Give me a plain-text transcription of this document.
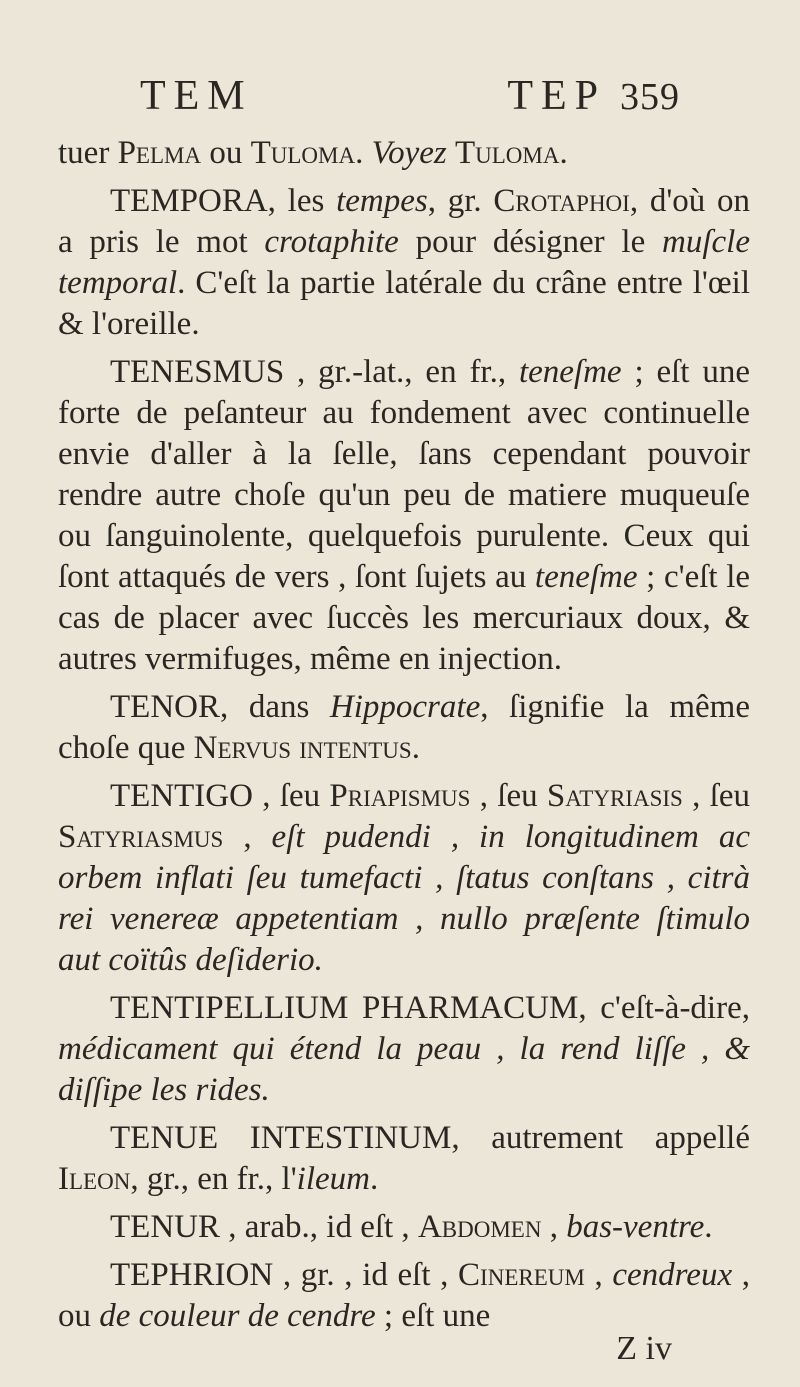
TEM	TEP 359

tuer Pelma ou Tuloma. Voyez Tuloma.

TEMPORA, les tempes, gr. Crotaphoi, d'où on a pris le mot crotaphite pour désigner le muſcle temporal. C'eſt la partie latérale du crâne entre l'œil & l'oreille.

TENESMUS , gr.-lat., en fr., teneſme ; eſt une forte de peſanteur au fondement avec continuelle envie d'aller à la ſelle, ſans cependant pouvoir rendre autre choſe qu'un peu de matiere muqueuſe ou ſanguinolente, quelquefois purulente. Ceux qui ſont attaqués de vers , ſont ſujets au teneſme ; c'eſt le cas de placer avec ſuccès les mercuriaux doux, & autres vermifuges, même en injection.

TENOR, dans Hippocrate, ſignifie la même choſe que Nervus intentus.

TENTIGO , ſeu Priapismus , ſeu Satyriasis , ſeu Satyriasmus , eſt pudendi , in longitudinem ac orbem inflati ſeu tumefacti , ſtatus conſtans , citrà rei venereæ appetentiam , nullo præſente ſtimulo aut coïtûs deſiderio.

TENTIPELLIUM PHARMACUM, c'eſt-à-dire, médicament qui étend la peau , la rend liſſe , & diſſipe les rides.

TENUE INTESTINUM, autrement appellé Ileon, gr., en fr., l'ileum.

TENUR , arab., id eſt , Abdomen , bas-ventre.

TEPHRION , gr. , id eſt , Cinereum , cendreux , ou de couleur de cendre ; eſt une

Z iv
